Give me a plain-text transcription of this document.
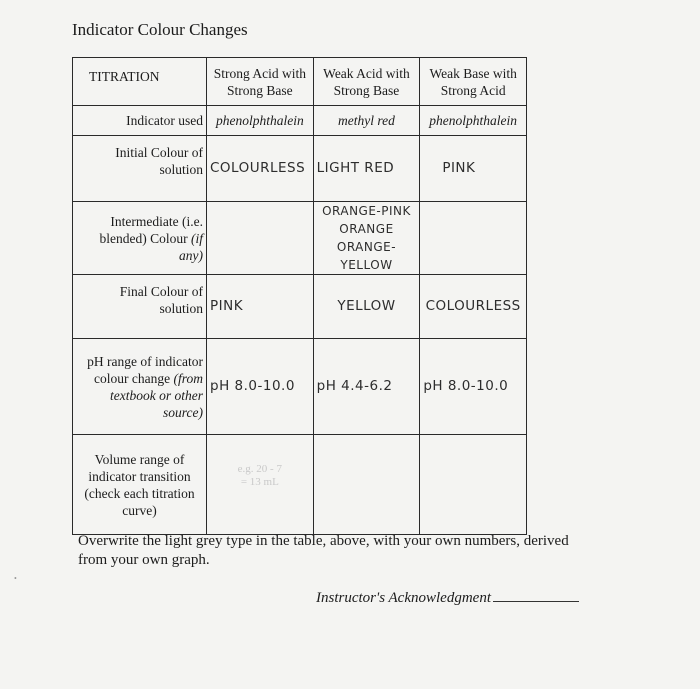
Indicator Colour Changes
TITRATION	Strong Acid with Strong Base	Weak Acid with Strong Base	Weak Base with Strong Acid
Indicator used	phenolphthalein	methyl red	phenolphthalein
Initial Colour of solution	COLOURLESS	LIGHT RED	PINK
Intermediate (i.e. blended) Colour (if any)		ORANGE-PINK
ORANGE
ORANGE-YELLOW	
Final Colour of solution	PINK	YELLOW	COLOURLESS
pH range of indicator colour change (from textbook or other source)	pH 8.0-10.0	pH 4.4-6.2	pH 8.0-10.0
Volume range of indicator transition (check each titration curve)	e.g. 20 - 7 = 13 mL		

Overwrite the light grey type in the table, above, with your own numbers, derived from your own graph.
Instructor's Acknowledgment
•
